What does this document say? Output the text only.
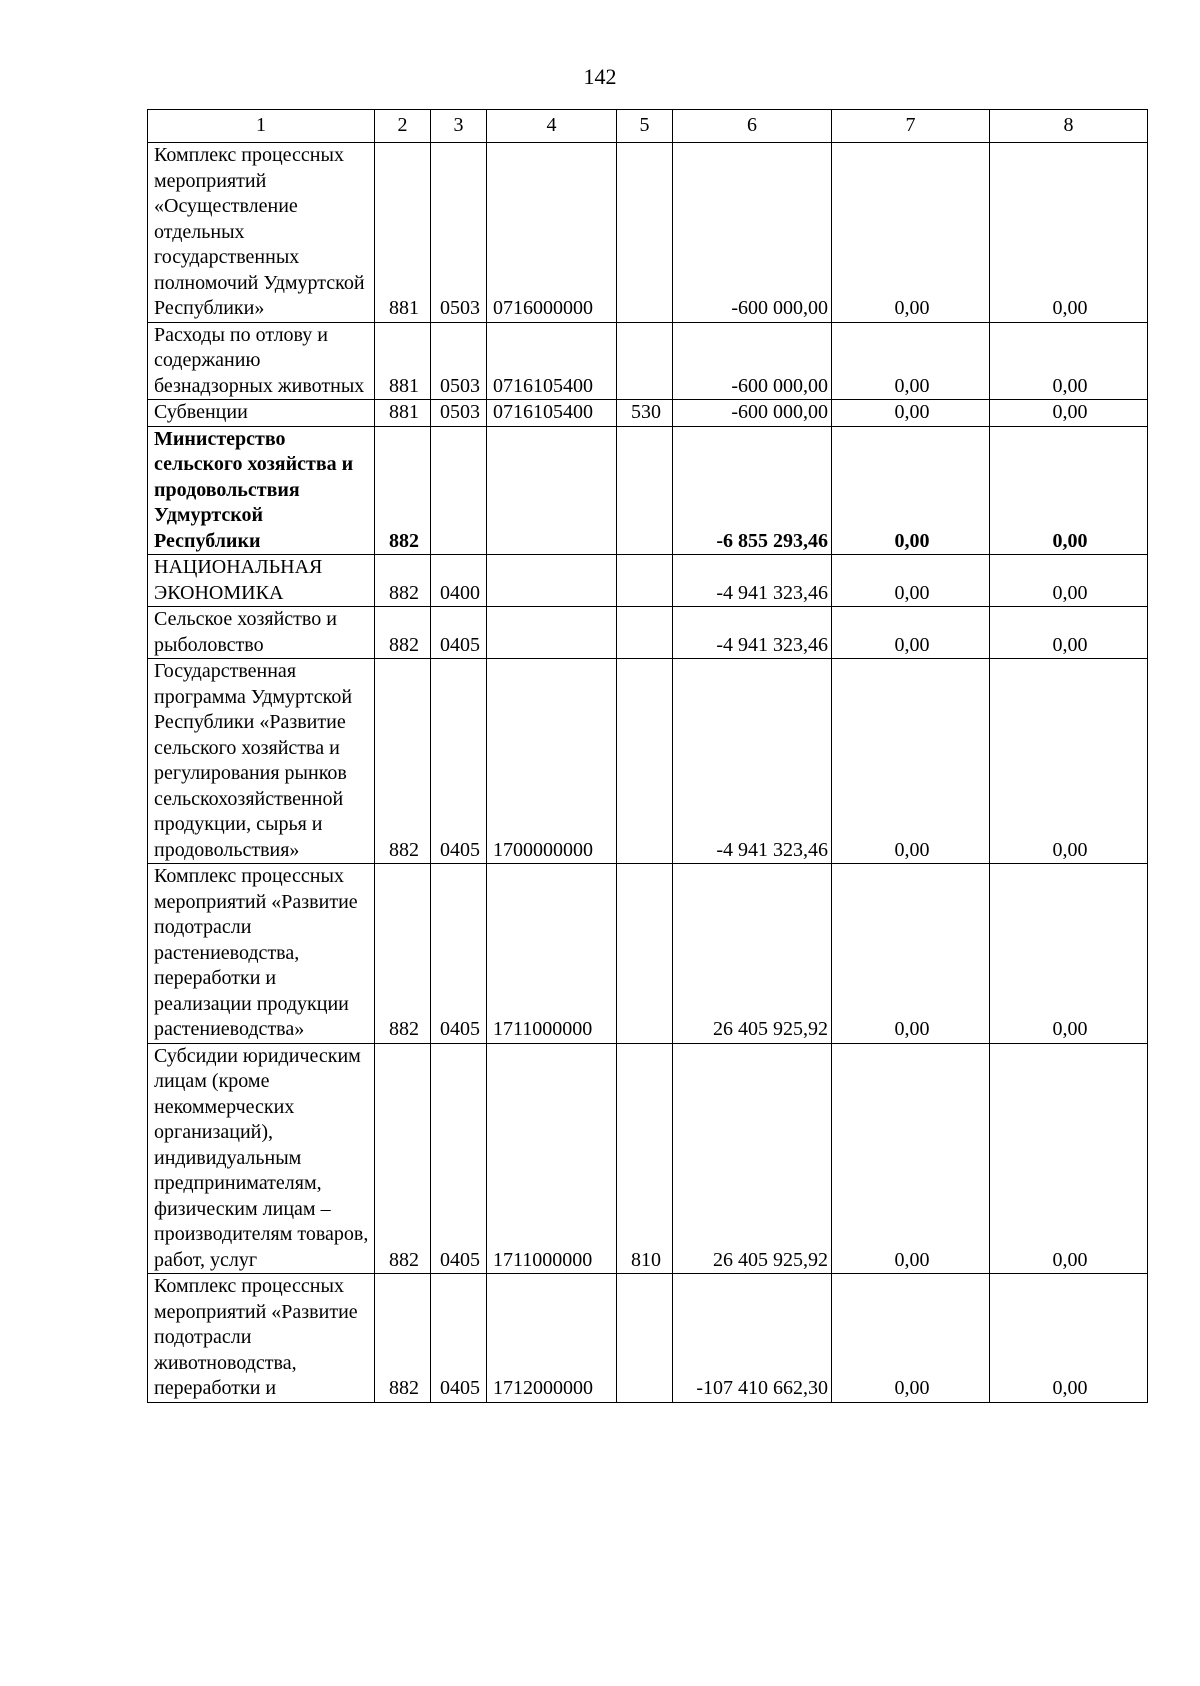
142
1	2	3	4	5	6	7	8
Комплекс процессных мероприятий «Осуществление отдельных государственных полномочий Удмуртской Республики»	881	0503	0716000000		-600 000,00	0,00	0,00
Расходы по отлову и содержанию безнадзорных животных	881	0503	0716105400		-600 000,00	0,00	0,00
Субвенции	881	0503	0716105400	530	-600 000,00	0,00	0,00
Министерство сельского хозяйства и продовольствия Удмуртской Республики	882				-6 855 293,46	0,00	0,00
НАЦИОНАЛЬНАЯ ЭКОНОМИКА	882	0400			-4 941 323,46	0,00	0,00
Сельское хозяйство и рыболовство	882	0405			-4 941 323,46	0,00	0,00
Государственная программа Удмуртской Республики «Развитие сельского хозяйства и регулирования рынков сельскохозяйственной продукции, сырья и продовольствия»	882	0405	1700000000		-4 941 323,46	0,00	0,00
Комплекс процессных мероприятий «Развитие подотрасли растениеводства, переработки и реализации продукции растениеводства»	882	0405	1711000000		26 405 925,92	0,00	0,00
Субсидии юридическим лицам (кроме некоммерческих организаций), индивидуальным предпринимателям, физическим лицам – производителям товаров, работ, услуг	882	0405	1711000000	810	26 405 925,92	0,00	0,00
Комплекс процессных мероприятий «Развитие подотрасли животноводства, переработки и	882	0405	1712000000		-107 410 662,30	0,00	0,00
